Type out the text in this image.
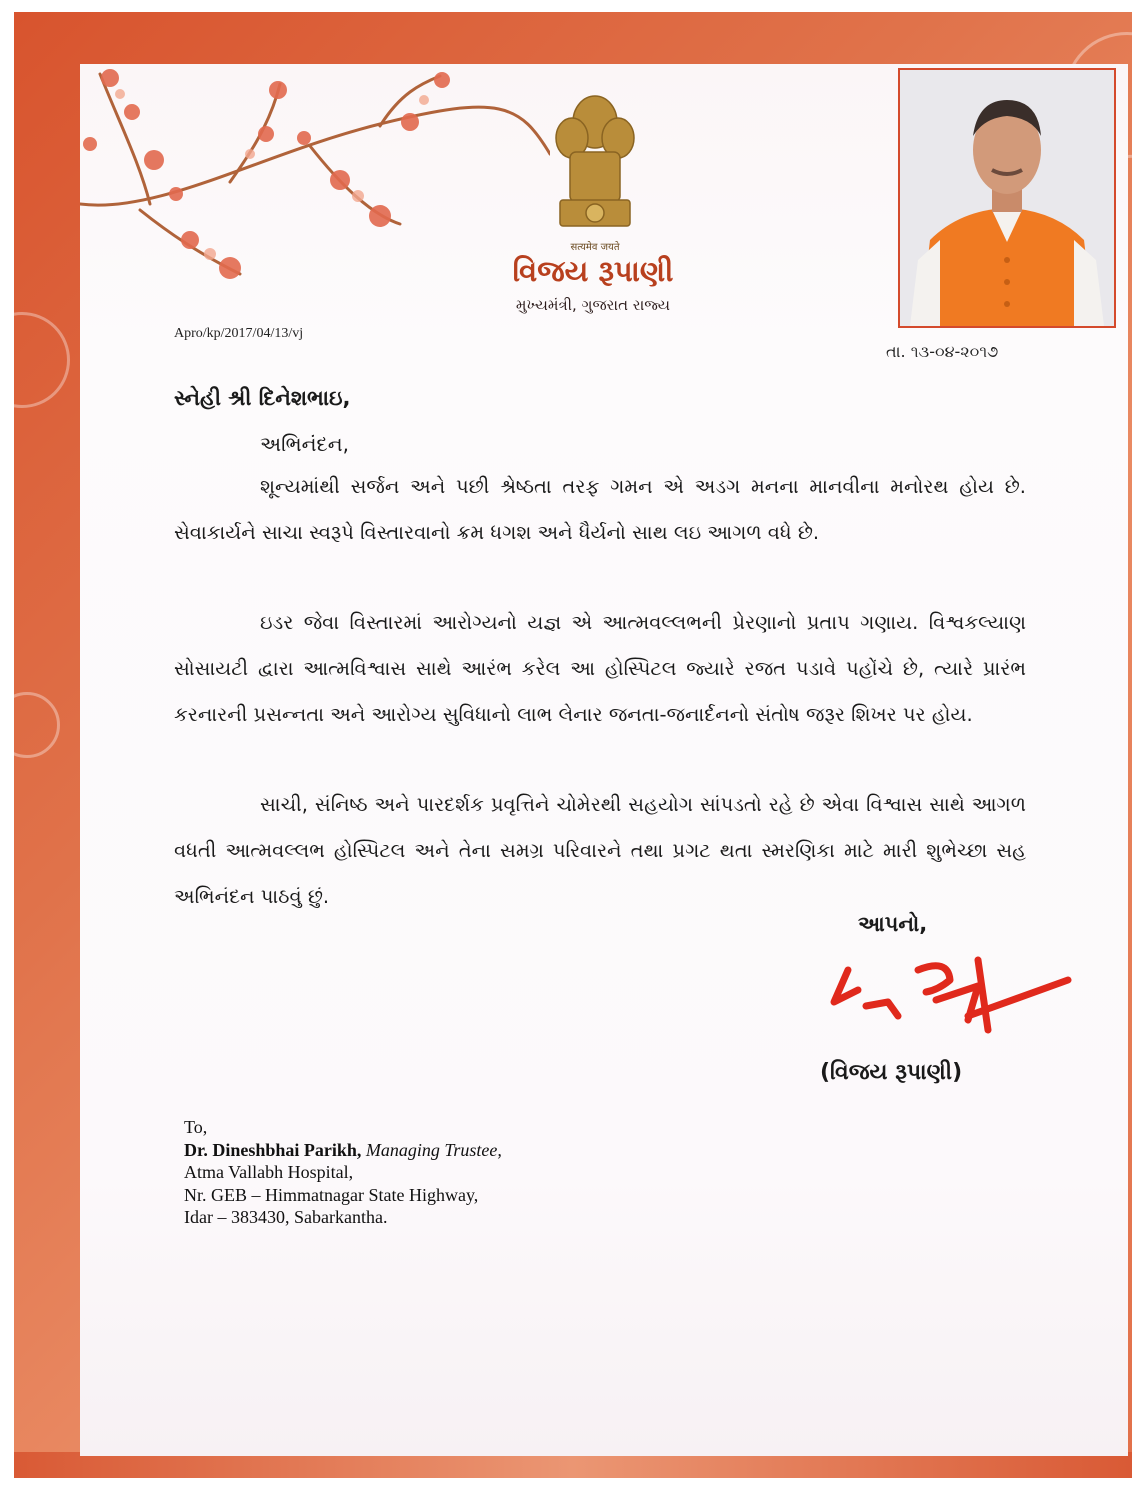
सत्यमेव जयते
વિજય રૂપાણી
મુખ્યમંત્રી, ગુજરાત રાજ્ય
Apro/kp/2017/04/13/vj
તા. ૧૩-૦૪-૨૦૧૭
સ્નેહી શ્રી દિનેશભાઇ,
અભિનંદન,

શૂન્યમાંથી સર્જન અને પછી શ્રેષ્ઠતા તરફ ગમન એ અડગ મનના માનવીના મનોરથ હોય છે. સેવાકાર્યને સાચા સ્વરૂપે વિસ્તારવાનો ક્રમ ધગશ અને ધૈર્યનો સાથ લઇ આગળ વધે છે.

ઇડર જેવા વિસ્તારમાં આરોગ્યનો યજ્ઞ એ આત્મવલ્લભની પ્રેરણાનો પ્રતાપ ગણાય. વિશ્વકલ્યાણ સોસાયટી દ્વારા આત્મવિશ્વાસ સાથે આરંભ કરેલ આ હોસ્પિટલ જ્યારે રજત પડાવે પહોંચે છે, ત્યારે પ્રારંભ કરનારની પ્રસન્નતા અને આરોગ્ય સુવિધાનો લાભ લેનાર જનતા-જનાર્દનનો સંતોષ જરૂર શિખર પર હોય.

સાચી, સંનિષ્ઠ અને પારદર્શક પ્રવૃત્તિને ચોમેરથી સહયોગ સાંપડતો રહે છે એવા વિશ્વાસ સાથે આગળ વધતી આત્મવલ્લભ હોસ્પિટલ અને તેના સમગ્ર પરિવારને તથા પ્રગટ થતા સ્મરણિકા માટે મારી શુભેચ્છા સહ અભિનંદન પાઠવું છું.

આપનો,
(વિજય રૂપાણી)
To,
Dr. Dineshbhai Parikh, Managing Trustee,
Atma Vallabh Hospital,
Nr. GEB – Himmatnagar State Highway,
Idar – 383430, Sabarkantha.
